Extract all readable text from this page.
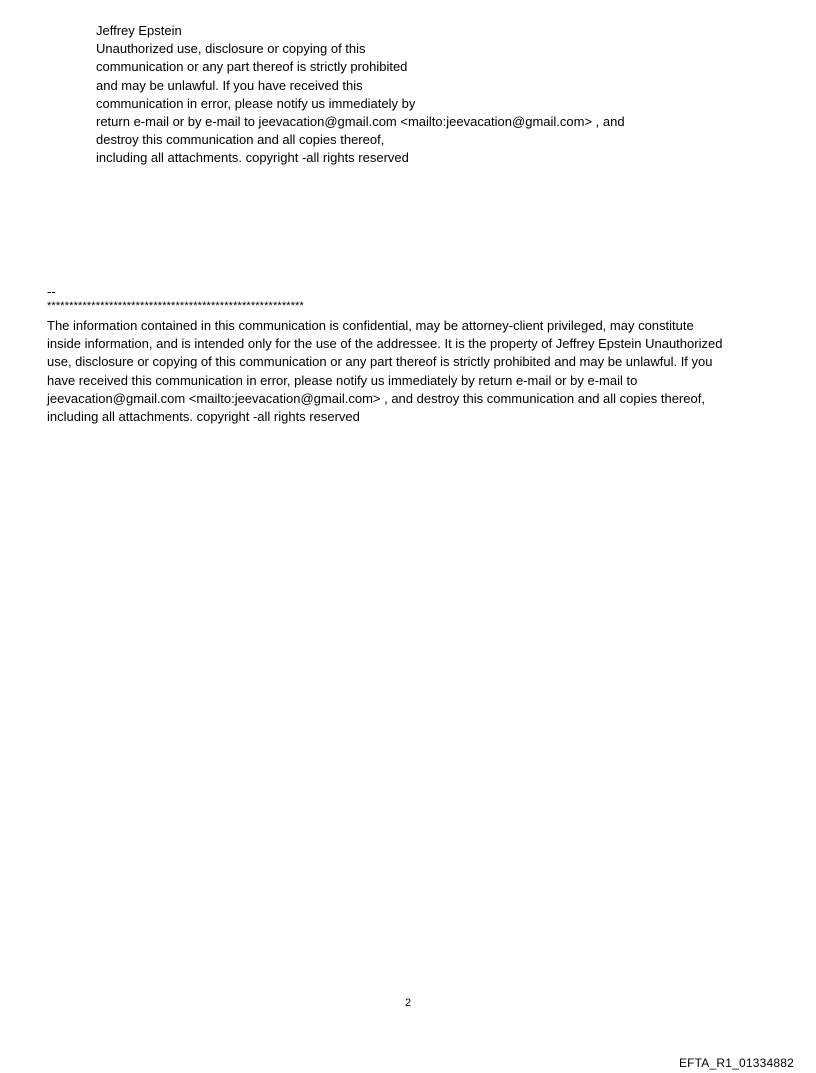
Jeffrey Epstein
Unauthorized use, disclosure or copying of this
communication or any part thereof is strictly prohibited
and may be unlawful. If you have received this
communication in error, please notify us immediately by
return e-mail or by e-mail to jeevacation@gmail.com <mailto:jeevacation@gmail.com> , and
destroy this communication and all copies thereof,
including all attachments. copyright -all rights reserved
--
**********************************************************
The information contained in this communication is confidential, may be attorney-client privileged, may constitute
inside information, and is intended only for the use of the addressee. It is the property of Jeffrey Epstein Unauthorized
use, disclosure or copying of this communication or any part thereof is strictly prohibited and may be unlawful. If you
have received this communication in error, please notify us immediately by return e-mail or by e-mail to
jeevacation@gmail.com <mailto:jeevacation@gmail.com> , and destroy this communication and all copies thereof,
including all attachments. copyright -all rights reserved
2
EFTA_R1_01334882
